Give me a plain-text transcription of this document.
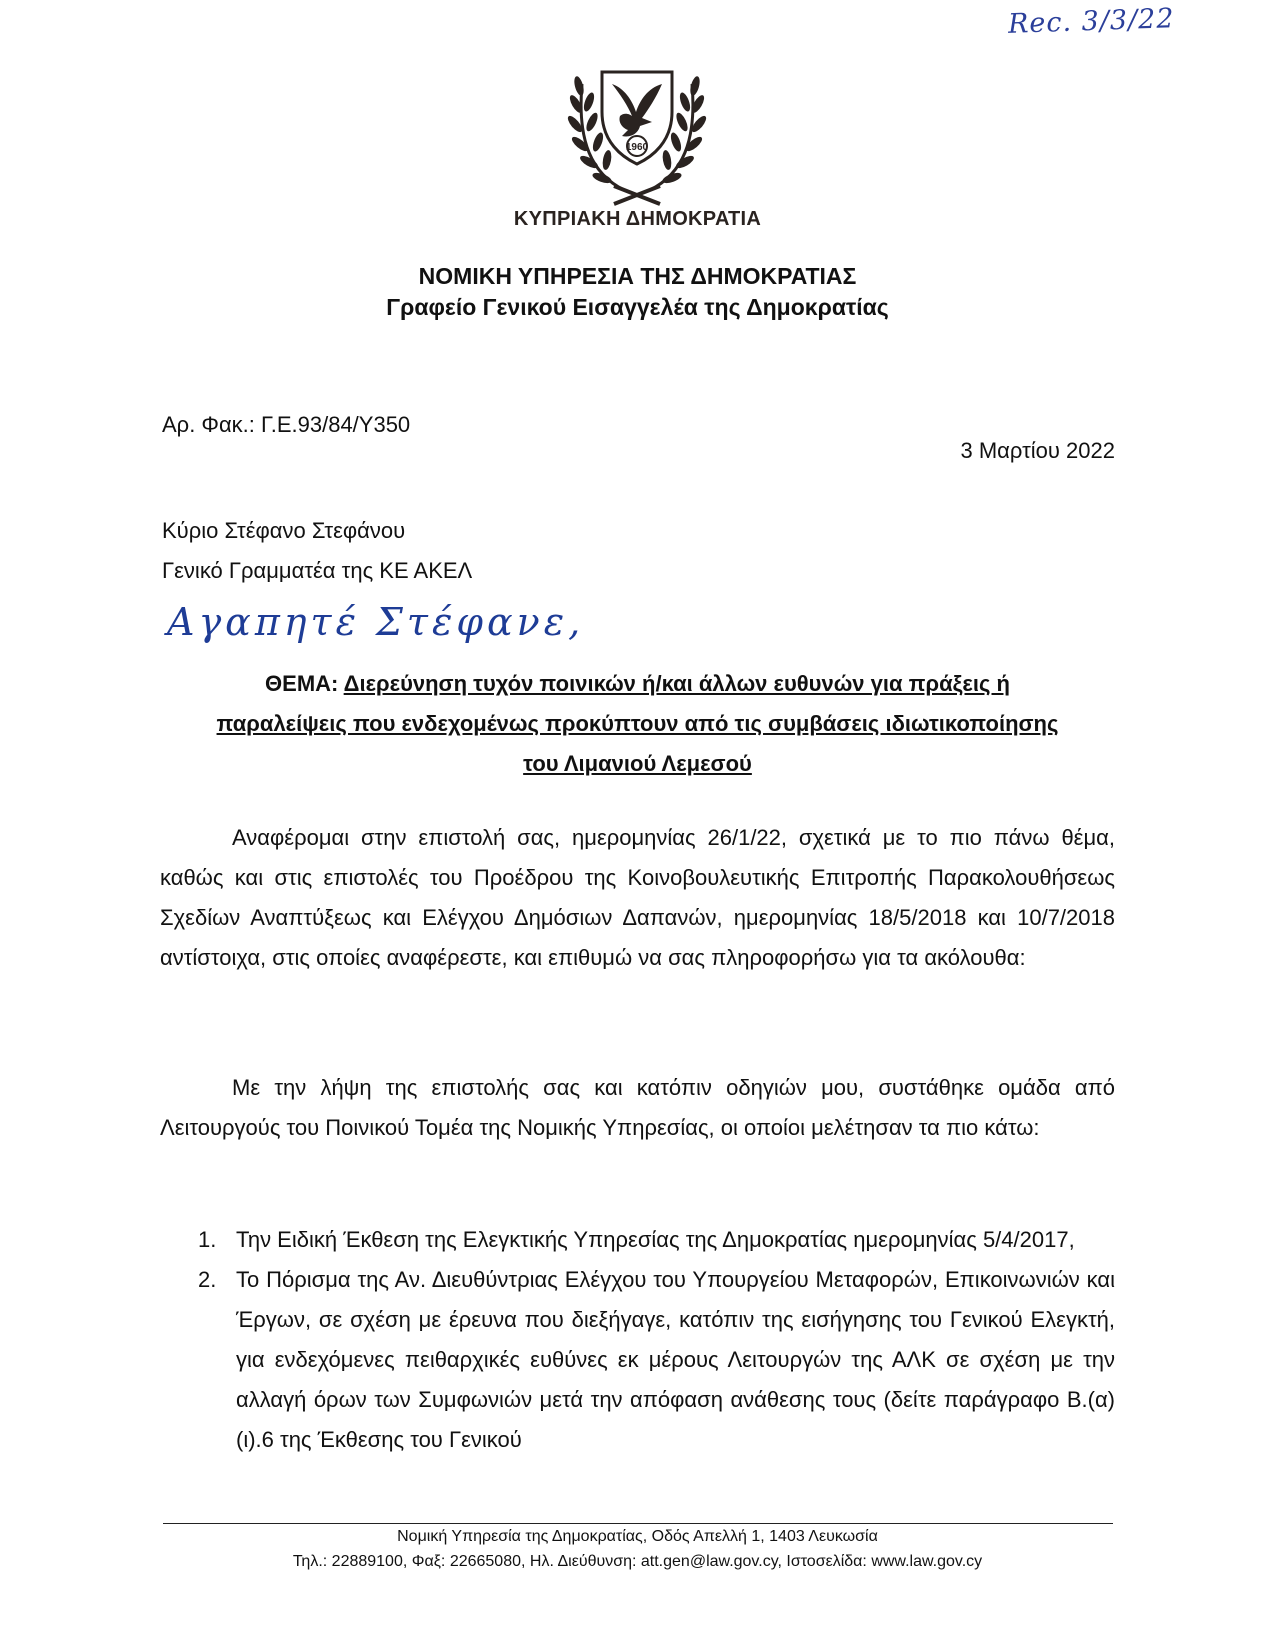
Rec. 3/3/22
1960
ΚΥΠΡΙΑΚΗ ΔΗΜΟΚΡΑΤΙΑ
ΝΟΜΙΚΗ ΥΠΗΡΕΣΙΑ ΤΗΣ ΔΗΜΟΚΡΑΤΙΑΣ
Γραφείο Γενικού Εισαγγελέα της Δημοκρατίας
Αρ. Φακ.: Γ.Ε.93/84/Υ350
3 Μαρτίου 2022
Κύριο Στέφανο Στεφάνου
Γενικό Γραμματέα της ΚΕ ΑΚΕΛ
Αγαπητέ Στέφανε,
ΘΕΜΑ: Διερεύνηση τυχόν ποινικών ή/και άλλων ευθυνών για πράξεις ή
παραλείψεις που ενδεχομένως προκύπτουν από τις συμβάσεις ιδιωτικοποίησης
του Λιμανιού Λεμεσού

Αναφέρομαι στην επιστολή σας, ημερομηνίας 26/1/22, σχετικά με το πιο πάνω θέμα, καθώς και στις επιστολές του Προέδρου της Κοινοβουλευτικής Επιτροπής Παρακολουθήσεως Σχεδίων Αναπτύξεως και Ελέγχου Δημόσιων Δαπανών, ημερομηνίας 18/5/2018 και 10/7/2018 αντίστοιχα, στις οποίες αναφέρεστε, και επιθυμώ να σας πληροφορήσω για τα ακόλουθα:

Με την λήψη της επιστολής σας και κατόπιν οδηγιών μου, συστάθηκε ομάδα από Λειτουργούς του Ποινικού Τομέα της Νομικής Υπηρεσίας, οι οποίοι μελέτησαν τα πιο κάτω:

1. Την Ειδική Έκθεση της Ελεγκτικής Υπηρεσίας της Δημοκρατίας ημερομηνίας 5/4/2017,
2. Το Πόρισμα της Αν. Διευθύντριας Ελέγχου του Υπουργείου Μεταφορών, Επικοινωνιών και Έργων, σε σχέση με έρευνα που διεξήγαγε, κατόπιν της εισήγησης του Γενικού Ελεγκτή, για ενδεχόμενες πειθαρχικές ευθύνες εκ μέρους Λειτουργών της ΑΛΚ σε σχέση με την αλλαγή όρων των Συμφωνιών μετά την απόφαση ανάθεσης τους (δείτε παράγραφο Β.(α)(ι).6 της Έκθεσης του Γενικού
Νομική Υπηρεσία της Δημοκρατίας, Οδός Απελλή 1, 1403 Λευκωσία
Τηλ.: 22889100, Φαξ: 22665080, Ηλ. Διεύθυνση: att.gen@law.gov.cy, Ιστοσελίδα: www.law.gov.cy
